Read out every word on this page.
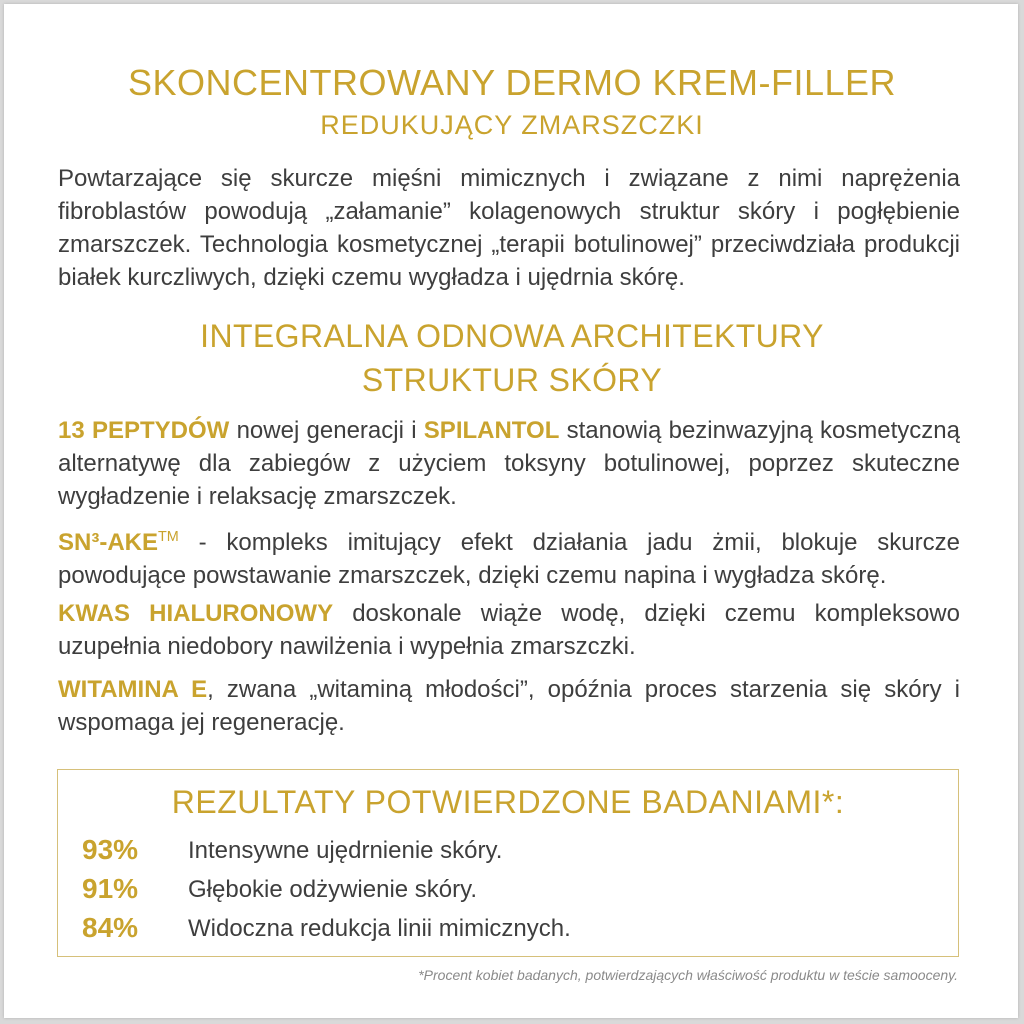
SKONCENTROWANY DERMO KREM-FILLER
REDUKUJĄCY ZMARSZCZKI
Powtarzające się skurcze mięśni mimicznych i związane z nimi naprężenia fibroblastów powodują „załamanie” kolagenowych struktur skóry i pogłębienie zmarszczek. Technologia kosmetycznej „terapii botulinowej” przeciwdziała produkcji białek kurczliwych, dzięki czemu wygładza i ujędrnia skórę.
INTEGRALNA ODNOWA ARCHITEKTURY
STRUKTUR SKÓRY
13 PEPTYDÓW nowej generacji i SPILANTOL stanowią bezinwazyjną kosmetyczną alternatywę dla zabiegów z użyciem toksyny botulinowej, poprzez skuteczne wygładzenie i relaksację zmarszczek.
SN³-AKE™ - kompleks imitujący efekt działania jadu żmii, blokuje skurcze powodujące powstawanie zmarszczek, dzięki czemu napina i wygładza skórę.
KWAS HIALURONOWY doskonale wiąże wodę, dzięki czemu kompleksowo uzupełnia niedobory nawilżenia i wypełnia zmarszczki.
WITAMINA E, zwana „witaminą młodości”, opóźnia proces starzenia się skóry i wspomaga jej regenerację.
REZULTATY POTWIERDZONE BADANIAMI*:
93%	Intensywne ujędrnienie skóry.
91%	Głębokie odżywienie skóry.
84%	Widoczna redukcja linii mimicznych.
*Procent kobiet badanych, potwierdzających właściwość produktu w teście samooceny.
